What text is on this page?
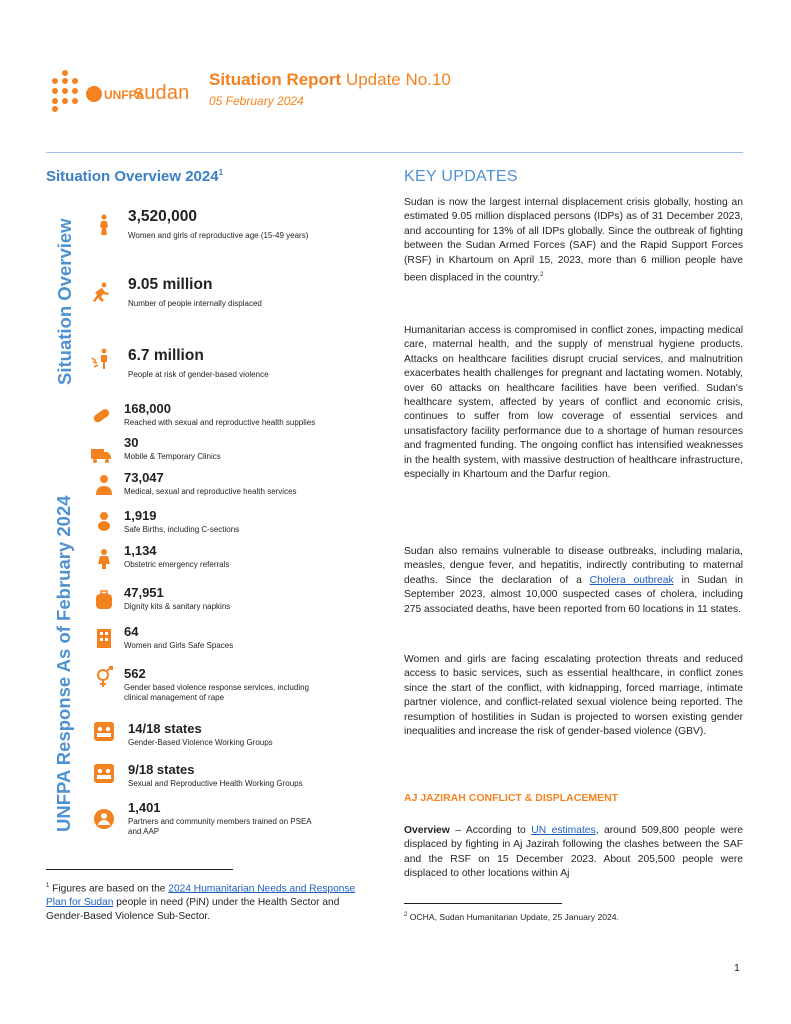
UNFPA
sudan
Situation Report Update No.10
05 February 2024
Situation Overview 2024$^1$
Situation Overview
UNFPA Response As of February 2024
3,520,000
Women and girls of reproductive age (15-49 years)
9.05 million
Number of people internally displaced
6.7 million
People at risk of gender-based violence
168,000
Reached with sexual and reproductive health supplies
30
Mobile & Temporary Clinics
73,047
Medical, sexual and reproductive health services
1,919
Safe Births, including C-sections
1,134
Obstetric emergency referrals
47,951
Dignity kits & sanitary napkins
64
Women and Girls Safe Spaces
562
Gender based violence response services, including clinical management of rape
14/18 states
Gender-Based Violence Working Groups
9/18 states
Sexual and Reproductive Health Working Groups
1,401
Partners and community members trained on PSEA and AAP
$^1$ Figures are based on the 2024 Humanitarian Needs and Response Plan for Sudan people in need (PiN) under the Health Sector and Gender-Based Violence Sub-Sector.
KEY UPDATES
Sudan is now the largest internal displacement crisis globally, hosting an estimated 9.05 million displaced persons (IDPs) as of 31 December 2023, and accounting for 13% of all IDPs globally. Since the outbreak of fighting between the Sudan Armed Forces (SAF) and the Rapid Support Forces (RSF) in Khartoum on April 15, 2023, more than 6 million people have been displaced in the country.$^2$
Humanitarian access is compromised in conflict zones, impacting medical care, maternal health, and the supply of menstrual hygiene products. Attacks on healthcare facilities disrupt crucial services, and malnutrition exacerbates health challenges for pregnant and lactating women. Notably, over 60 attacks on healthcare facilities have been verified. Sudan's healthcare system, affected by years of conflict and economic crisis, continues to suffer from low coverage of essential services and unsatisfactory facility performance due to a shortage of human resources and fragmented funding. The ongoing conflict has intensified weaknesses in the health system, with massive destruction of healthcare infrastructure, especially in Khartoum and the Darfur region.
Sudan also remains vulnerable to disease outbreaks, including malaria, measles, dengue fever, and hepatitis, indirectly contributing to maternal deaths. Since the declaration of a Cholera outbreak in Sudan in September 2023, almost 10,000 suspected cases of cholera, including 275 associated deaths, have been reported from 60 locations in 11 states.
Women and girls are facing escalating protection threats and reduced access to basic services, such as essential healthcare, in conflict zones since the start of the conflict, with kidnapping, forced marriage, intimate partner violence, and conflict-related sexual violence being reported. The resumption of hostilities in Sudan is projected to worsen existing gender inequalities and increase the risk of gender-based violence (GBV).
AJ JAZIRAH CONFLICT & DISPLACEMENT
Overview – According to UN estimates, around 509,800 people were displaced by fighting in Aj Jazirah following the clashes between the SAF and the RSF on 15 December 2023. About 205,500 people were displaced to other locations within Aj
$^2$ OCHA, Sudan Humanitarian Update, 25 January 2024.
1
